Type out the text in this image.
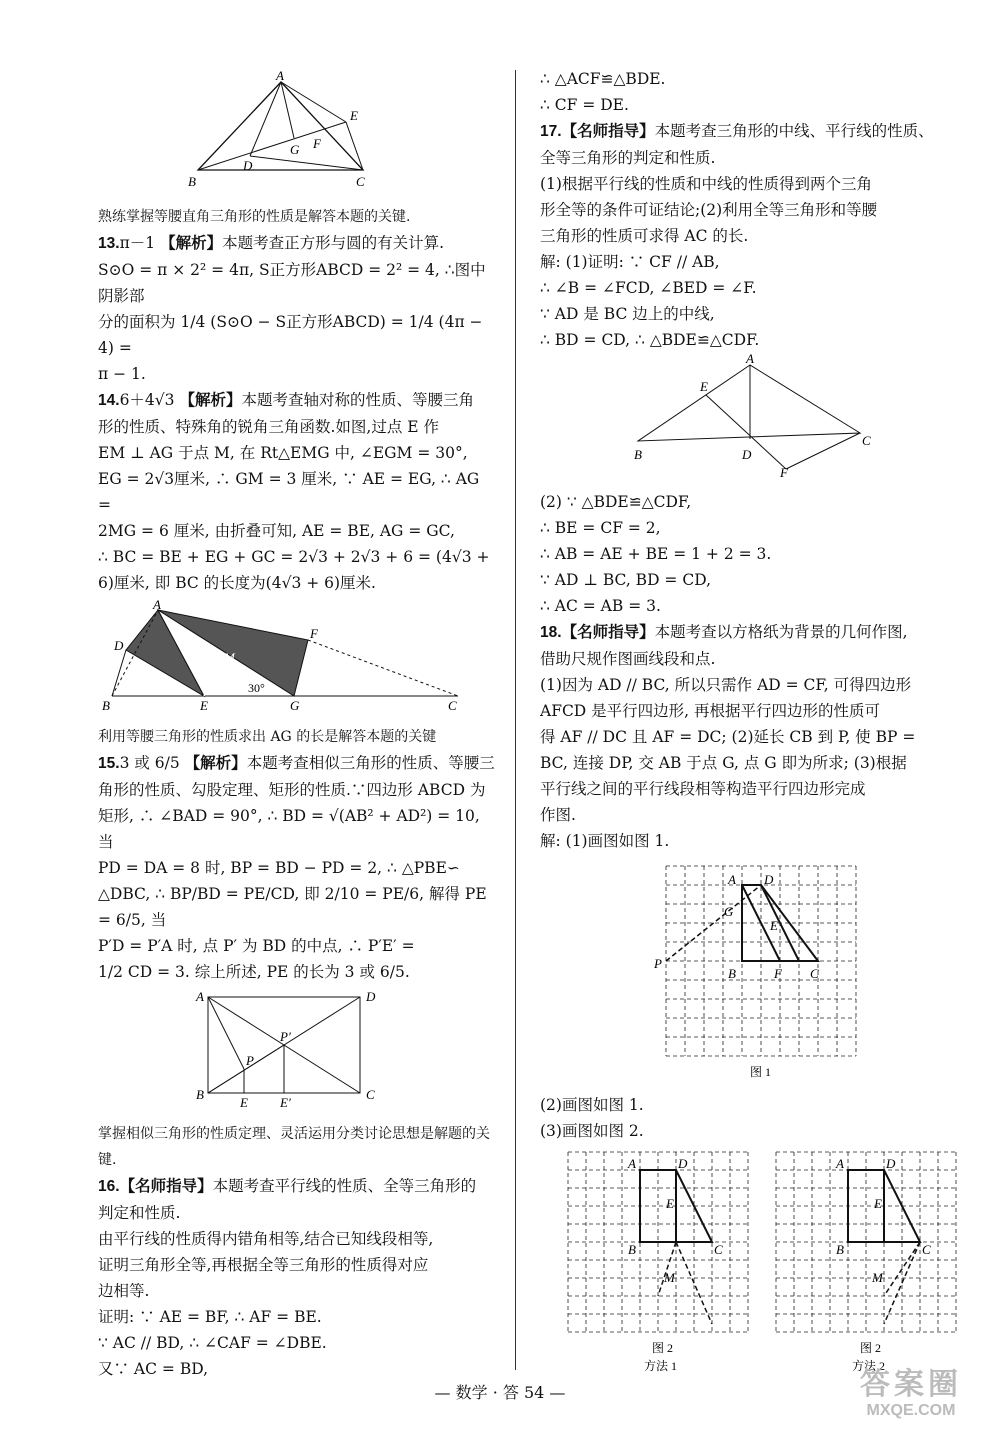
A
B	C
D
E
F
G

熟练掌握等腰直角三角形的性质是解答本题的关键.

13.π－1 【解析】本题考查正方形与圆的有关计算.

S⊙O = π × 2² = 4π, S正方形ABCD = 2² = 4, ∴图中阴影部

分的面积为 1/4 (S⊙O − S正方形ABCD) = 1/4 (4π − 4) =

π − 1.

14.6＋4√3 【解析】本题考查轴对称的性质、等腰三角

形的性质、特殊角的锐角三角函数.如图,过点 E 作

EM ⊥ AG 于点 M, 在 Rt△EMG 中, ∠EGM = 30°,

EG = 2√3厘米, ∴ GM = 3 厘米, ∵ AE = EG, ∴ AG =

2MG = 6 厘米, 由折叠可知, AE = BE, AG = GC,

∴ BC = BE + EG + GC = 2√3 + 2√3 + 6 = (4√3 +

6)厘米, 即 BC 的长度为(4√3 + 6)厘米.

A
B	C
D
E
F
G
M
30°

利用等腰三角形的性质求出 AG 的长是解答本题的关键

15.3 或 6/5 【解析】本题考查相似三角形的性质、等腰三

角形的性质、勾股定理、矩形的性质.∵四边形 ABCD 为

矩形, ∴ ∠BAD = 90°, ∴ BD = √(AB² + AD²) = 10, 当

PD = DA = 8 时, BP = BD − PD = 2, ∴ △PBE∽

△DBC, ∴ BP/BD = PE/CD, 即 2/10 = PE/6, 解得 PE = 6/5, 当

P′D = P′A 时, 点 P′ 为 BD 的中点, ∴ P′E′ =

1/2 CD = 3. 综上所述, PE 的长为 3 或 6/5.

A
B	C
D
E E′
P
P′

掌握相似三角形的性质定理、灵活运用分类讨论思想是解题的关键.

16.【名师指导】本题考查平行线的性质、全等三角形的

判定和性质.

由平行线的性质得内错角相等,结合已知线段相等,

证明三角形全等,再根据全等三角形的性质得对应

边相等.

证明: ∵ AE = BF, ∴ AF = BE.

∵ AC // BD, ∴ ∠CAF = ∠DBE.

又∵ AC = BD,

∴ △ACF≌△BDE.

∴ CF = DE.

17.【名师指导】本题考查三角形的中线、平行线的性质、

全等三角形的判定和性质.

(1)根据平行线的性质和中线的性质得到两个三角

形全等的条件可证结论;(2)利用全等三角形和等腰

三角形的性质可求得 AC 的长.

解: (1)证明: ∵ CF // AB,

∴ ∠B = ∠FCD, ∠BED = ∠F.

∵ AD 是 BC 边上的中线,

∴ BD = CD, ∴ △BDE≌△CDF.

A
B
C
D
E
F

(2) ∵ △BDE≌△CDF,

∴ BE = CF = 2,

∴ AB = AE + BE = 1 + 2 = 3.

∵ AD ⊥ BC, BD = CD,

∴ AC = AB = 3.

18.【名师指导】本题考查以方格纸为背景的几何作图,

借助尺规作图画线段和点.

(1)因为 AD // BC, 所以只需作 AD = CF, 可得四边形

AFCD 是平行四边形, 再根据平行四边形的性质可

得 AF // DC 且 AF = DC; (2)延长 CB 到 P, 使 BP =

BC, 连接 DP, 交 AB 于点 G, 点 G 即为所求; (3)根据

平行线之间的平行线段相等构造平行四边形完成

作图.

解: (1)画图如图 1.

A D
G
E
B	F C
P
图 1

(2)画图如图 1.

(3)画图如图 2.

A	D
E
B	C
M
图 2
方法 1
A	D
E
B	C
M
图 2
方法 2
— 数学 · 答 54 —	答案圈
MXQE.COM
